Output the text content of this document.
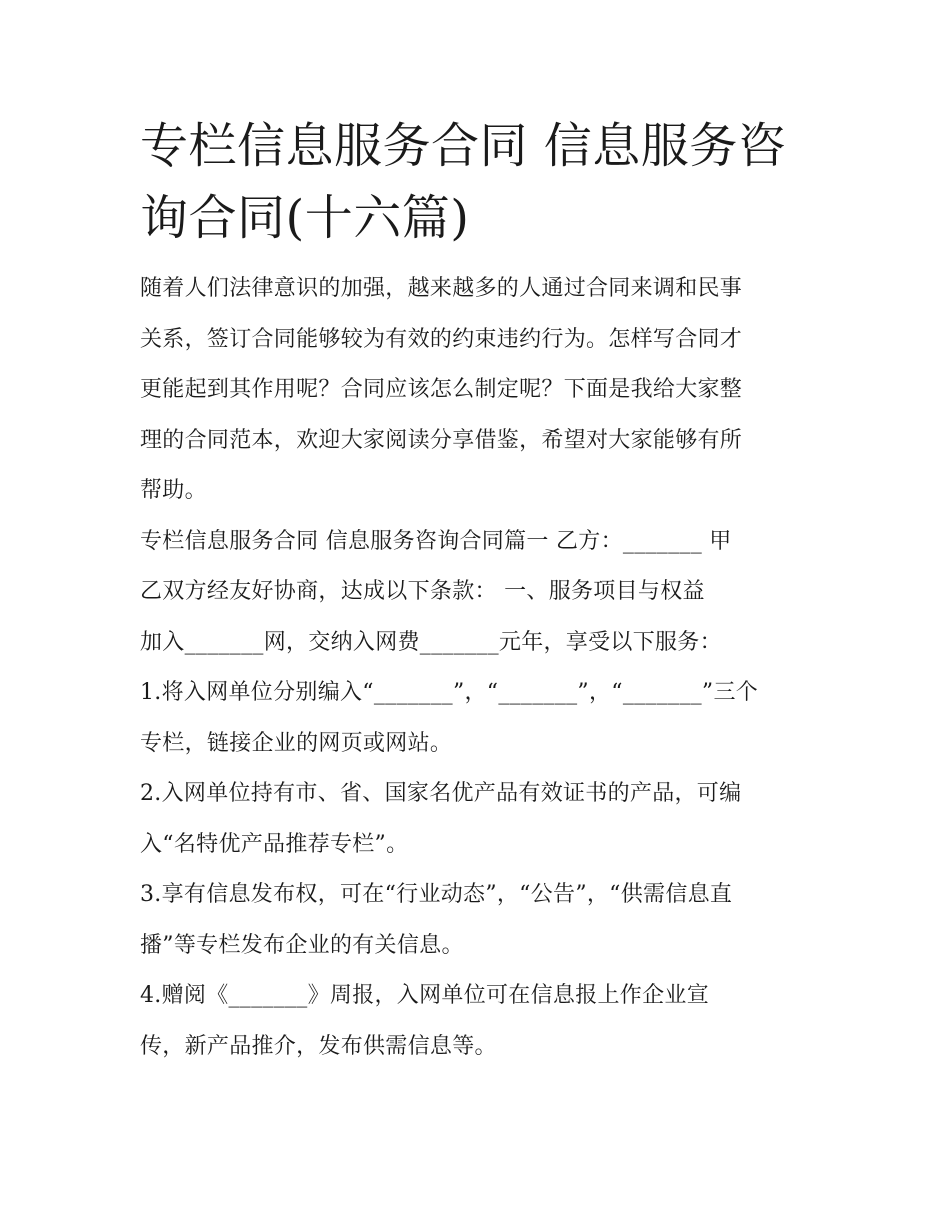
专栏信息服务合同 信息服务咨
询合同(十六篇)

随着人们法律意识的加强，越来越多的人通过合同来调和民事
关系，签订合同能够较为有效的约束违约行为。怎样写合同才
更能起到其作用呢？合同应该怎么制定呢？下面是我给大家整
理的合同范本，欢迎大家阅读分享借鉴，希望对大家能够有所
帮助。

专栏信息服务合同 信息服务咨询合同篇一 乙方：_______ 甲
乙双方经友好协商，达成以下条款： 一、服务项目与权益
加入_______网，交纳入网费_______元年，享受以下服务：

1.将入网单位分别编入“_______”，“_______”，“_______”三个
专栏，链接企业的网页或网站。

2.入网单位持有市、省、国家名优产品有效证书的产品，可编
入“名特优产品推荐专栏”。

3.享有信息发布权，可在“行业动态”，“公告”，“供需信息直
播”等专栏发布企业的有关信息。

4.赠阅《_______》周报，入网单位可在信息报上作企业宣
传，新产品推介，发布供需信息等。
